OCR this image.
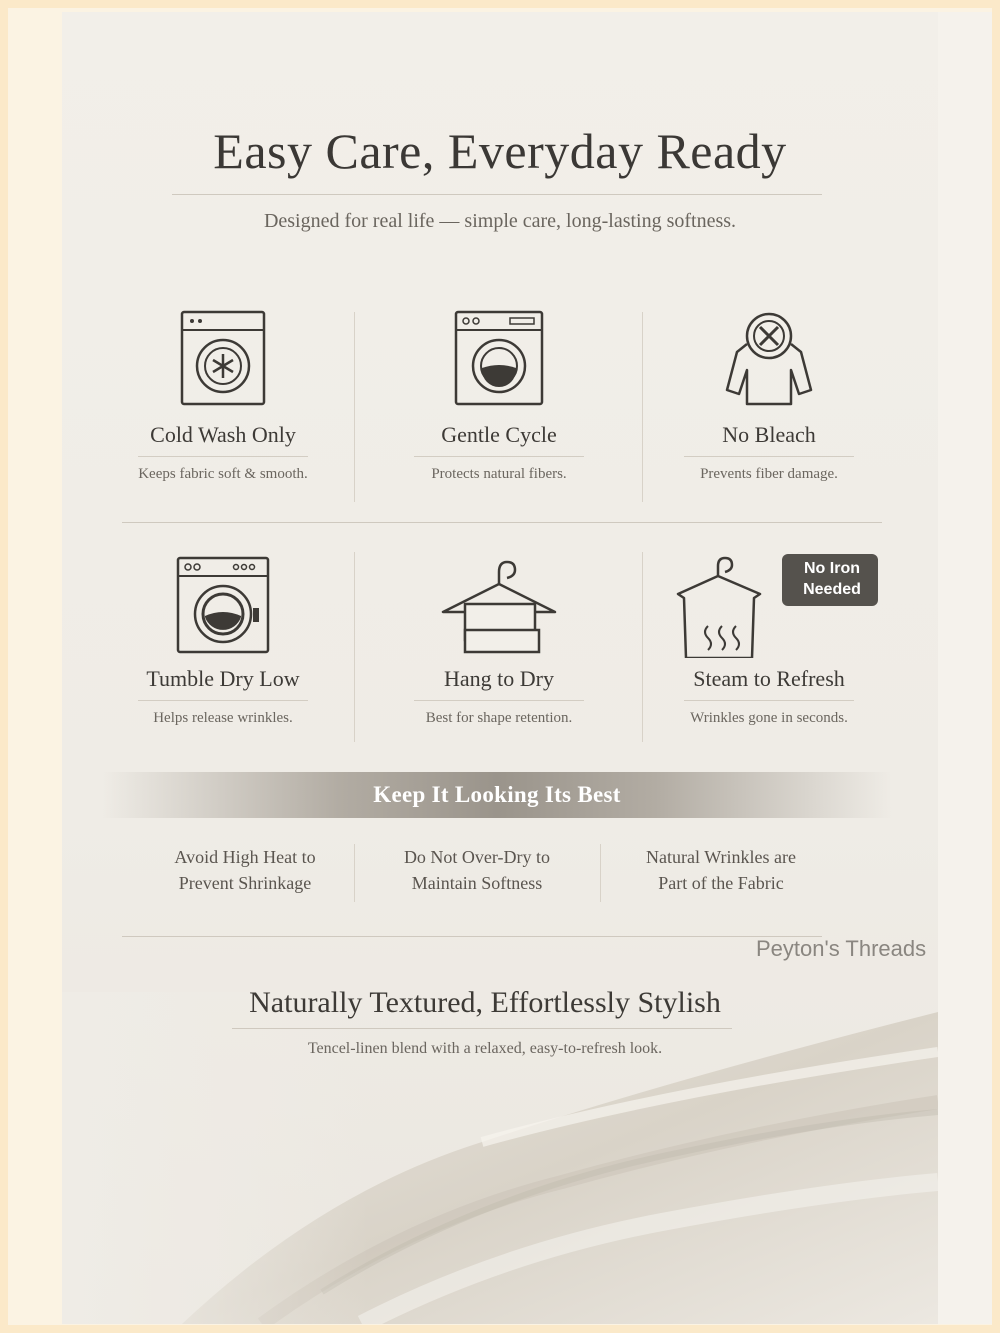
Easy Care, Everyday Ready
Designed for real life — simple care, long-lasting softness.
Cold Wash Only
Keeps fabric soft & smooth.
Gentle Cycle
Protects natural fibers.
No Bleach
Prevents fiber damage.
Tumble Dry Low
Helps release wrinkles.
Hang to Dry
Best for shape retention.
Steam to Refresh
Wrinkles gone in seconds.
No Iron
Needed
Keep It Looking Its Best
Avoid High Heat to
Prevent Shrinkage
Do Not Over-Dry to
Maintain Softness
Natural Wrinkles are
Part of the Fabric
Naturally Textured, Effortlessly Stylish
Tencel-linen blend with a relaxed, easy-to-refresh look.
Peyton's Threads
